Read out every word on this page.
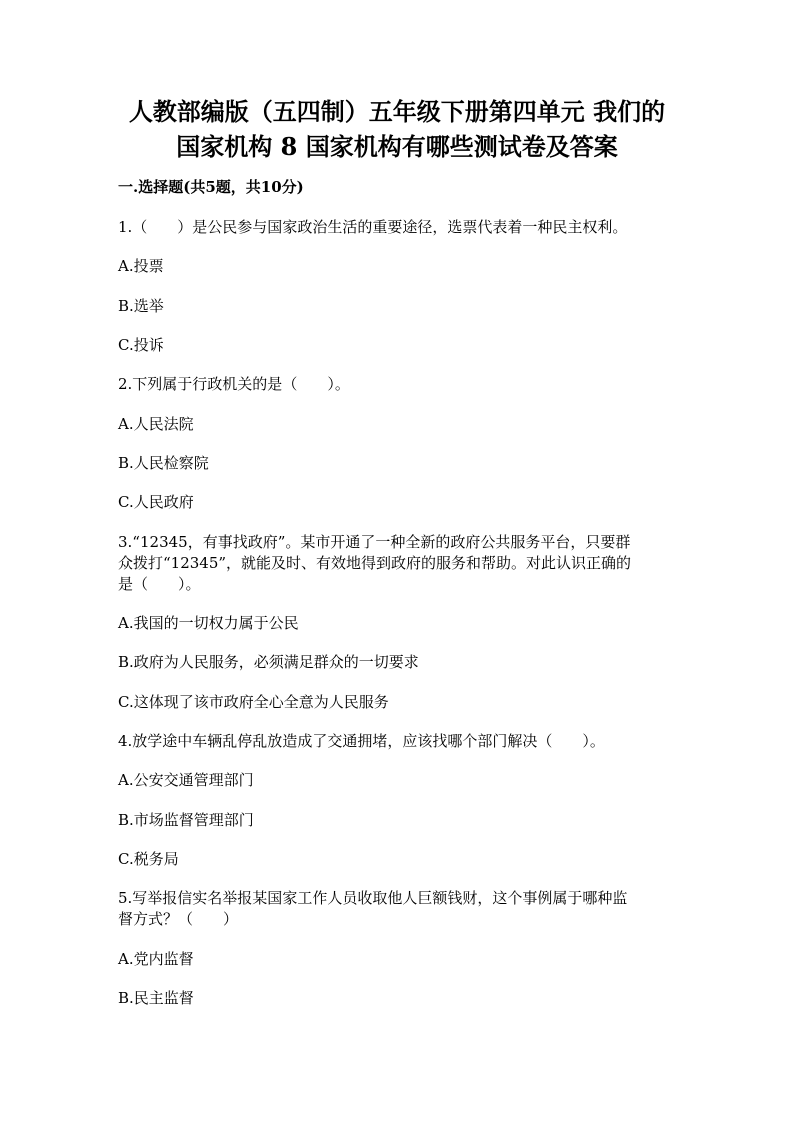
人教部编版（五四制）五年级下册第四单元 我们的
国家机构 8 国家机构有哪些测试卷及答案

一.选择题(共5题，共10分)

1.（　　）是公民参与国家政治生活的重要途径，选票代表着一种民主权利。

A.投票

B.选举

C.投诉

2.下列属于行政机关的是（　　）。

A.人民法院

B.人民检察院

C.人民政府

3.“12345，有事找政府”。某市开通了一种全新的政府公共服务平台，只要群

众拨打“12345”，就能及时、有效地得到政府的服务和帮助。对此认识正确的

是（　　）。

A.我国的一切权力属于公民

B.政府为人民服务，必须满足群众的一切要求

C.这体现了该市政府全心全意为人民服务

4.放学途中车辆乱停乱放造成了交通拥堵，应该找哪个部门解决（　　）。

A.公安交通管理部门

B.市场监督管理部门

C.税务局

5.写举报信实名举报某国家工作人员收取他人巨额钱财，这个事例属于哪种监

督方式？（　　）

A.党内监督

B.民主监督
